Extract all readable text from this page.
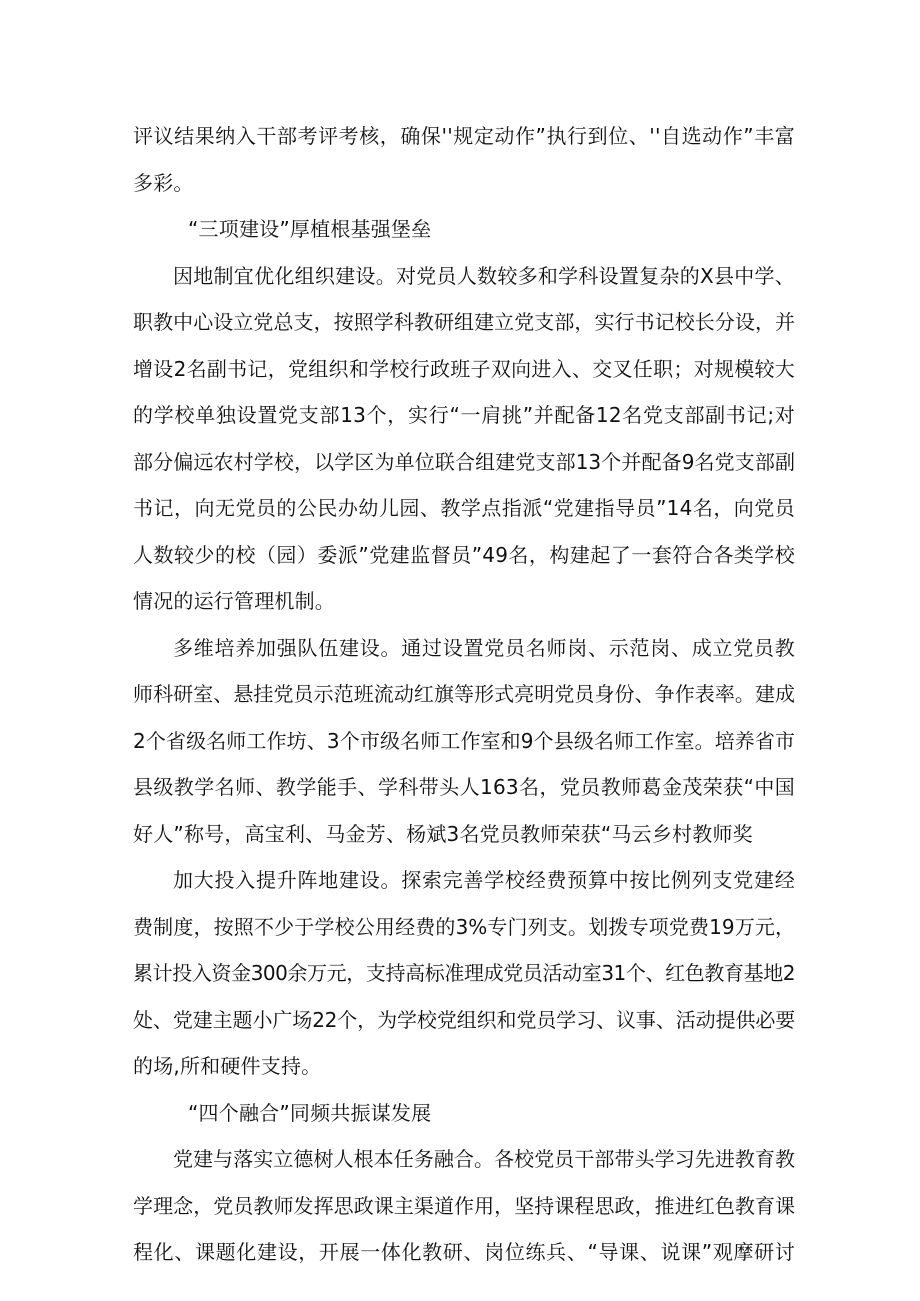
评议结果纳入干部考评考核，确保''规定动作”执行到位、''自选动作”丰富
多彩。

“三项建设”厚植根基强堡垒

因地制宜优化组织建设。对党员人数较多和学科设置复杂的X县中学、
职教中心设立党总支，按照学科教研组建立党支部，实行书记校长分设，并
增设2名副书记，党组织和学校行政班子双向进入、交叉任职；对规模较大
的学校单独设置党支部13个，实行“一肩挑”并配备12名党支部副书记;对
部分偏远农村学校，以学区为单位联合组建党支部13个并配备9名党支部副
书记，向无党员的公民办幼儿园、教学点指派“党建指导员”14名，向党员
人数较少的校（园）委派”党建监督员”49名，构建起了一套符合各类学校
情况的运行管理机制。

多维培养加强队伍建设。通过设置党员名师岗、示范岗、成立党员教
师科研室、悬挂党员示范班流动红旗等形式亮明党员身份、争作表率。建成
2个省级名师工作坊、3个市级名师工作室和9个县级名师工作室。培养省市
县级教学名师、教学能手、学科带头人163名，党员教师葛金茂荣获“中国
好人”称号，高宝利、马金芳、杨斌3名党员教师荣获“马云乡村教师奖

加大投入提升阵地建设。探索完善学校经费预算中按比例列支党建经
费制度，按照不少于学校公用经费的3%专门列支。划拨专项党费19万元，
累计投入资金300余万元，支持高标准理成党员活动室31个、红色教育基地2
处、党建主题小广场22个，为学校党组织和党员学习、议事、活动提供必要
的场,所和硬件支持。

“四个融合”同频共振谋发展

党建与落实立德树人根本任务融合。各校党员干部带头学习先进教育教
学理念，党员教师发挥思政课主渠道作用，坚持课程思政，推进红色教育课
程化、课题化建设，开展一体化教研、岗位练兵、“导课、说课”观摩研讨
